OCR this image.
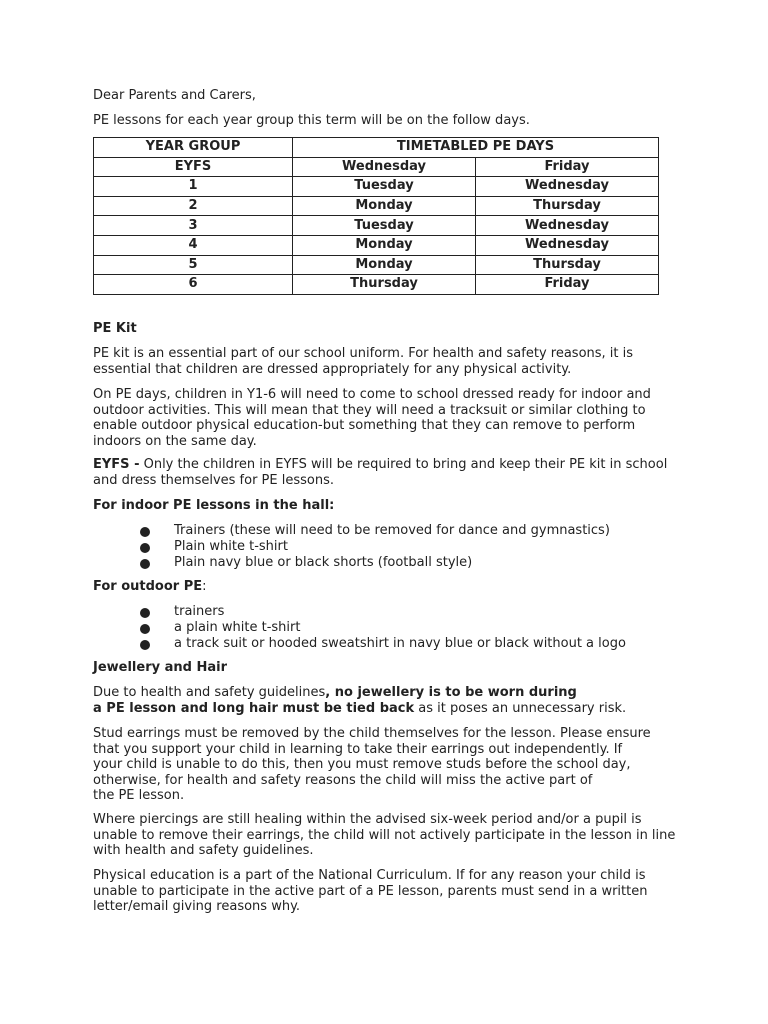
Dear Parents and Carers,

PE lessons for each year group this term will be on the follow days.

YEAR GROUP	TIMETABLED PE DAYS	
EYFS	Wednesday	Friday
1	Tuesday	Wednesday
2	Monday	Thursday
3	Tuesday	Wednesday
4	Monday	Wednesday
5	Monday	Thursday
6	Thursday	Friday

PE Kit

PE kit is an essential part of our school uniform. For health and safety reasons, it is essential that children are dressed appropriately for any physical activity.

On PE days, children in Y1-6 will need to come to school dressed ready for indoor and outdoor activities. This will mean that they will need a tracksuit or similar clothing to enable outdoor physical education-but something that they can remove to perform indoors on the same day.

EYFS - Only the children in EYFS will be required to bring and keep their PE kit in school and dress themselves for PE lessons.

For indoor PE lessons in the hall:

Trainers (these will need to be removed for dance and gymnastics)
Plain white t-shirt
Plain navy blue or black shorts (football style)

For outdoor PE:

trainers
a plain white t-shirt
a track suit or hooded sweatshirt in navy blue or black without a logo

Jewellery and Hair

Due to health and safety guidelines, no jewellery is to be worn during
a PE lesson and long hair must be tied back as it poses an unnecessary risk.

Stud earrings must be removed by the child themselves for the lesson. Please ensure
that you support your child in learning to take their earrings out independently. If
your child is unable to do this, then you must remove studs before the school day,
otherwise, for health and safety reasons the child will miss the active part of
the PE lesson.

Where piercings are still healing within the advised six-week period and/or a pupil is unable to remove their earrings, the child will not actively participate in the lesson in line with health and safety guidelines.

Physical education is a part of the National Curriculum. If for any reason your child is unable to participate in the active part of a PE lesson, parents must send in a written letter/email giving reasons why.
